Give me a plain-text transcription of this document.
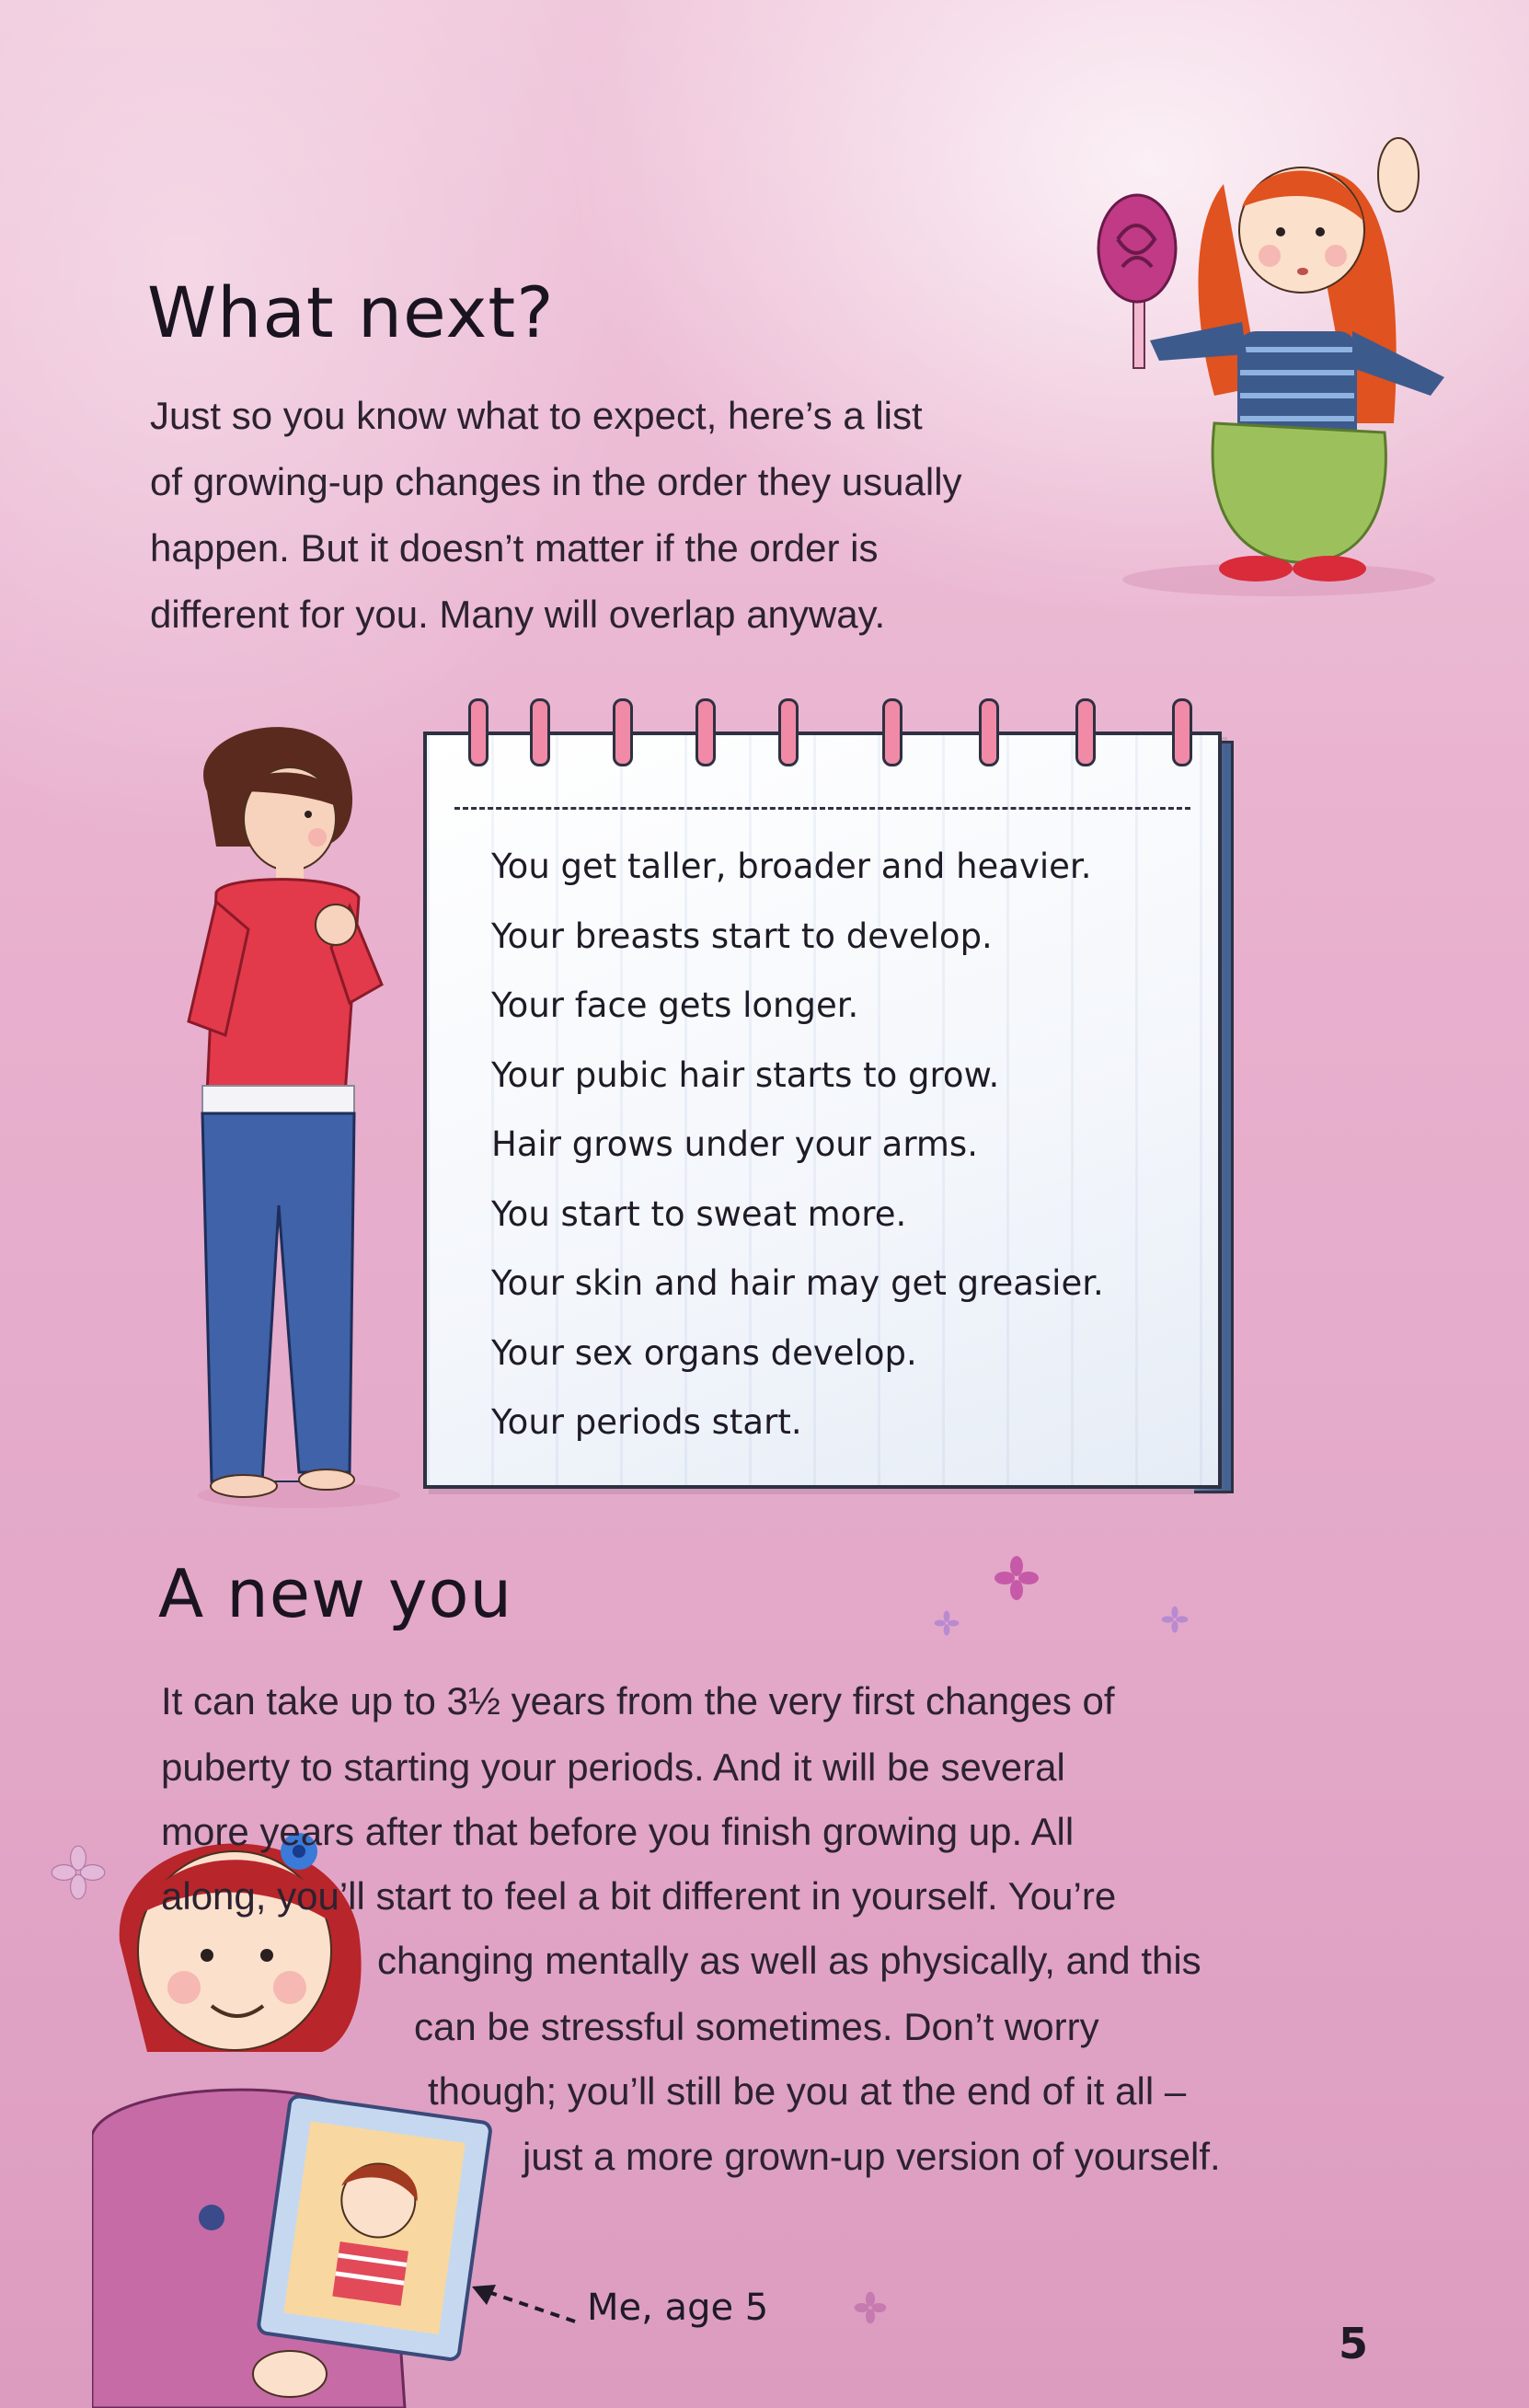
What next?

Just so you know what to expect, here’s a list

of growing-up changes in the order they usually

happen. But it doesn’t matter if the order is

different for you. Many will overlap anyway.

You get taller, broader and heavier.
Your breasts start to develop.
Your face gets longer.
Your pubic hair starts to grow.
Hair grows under your arms.
You start to sweat more.
Your skin and hair may get greasier.
Your sex organs develop.
Your periods start.
A new you

It can take up to 3½ years from the very first changes of

puberty to starting your periods. And it will be several

more years after that before you finish growing up. All

along, you’ll start to feel a bit different in yourself. You’re

changing mentally as well as physically, and this

can be stressful sometimes. Don’t worry

though; you’ll still be you at the end of it all –

just a more grown-up version of yourself.

Me, age 5
5
